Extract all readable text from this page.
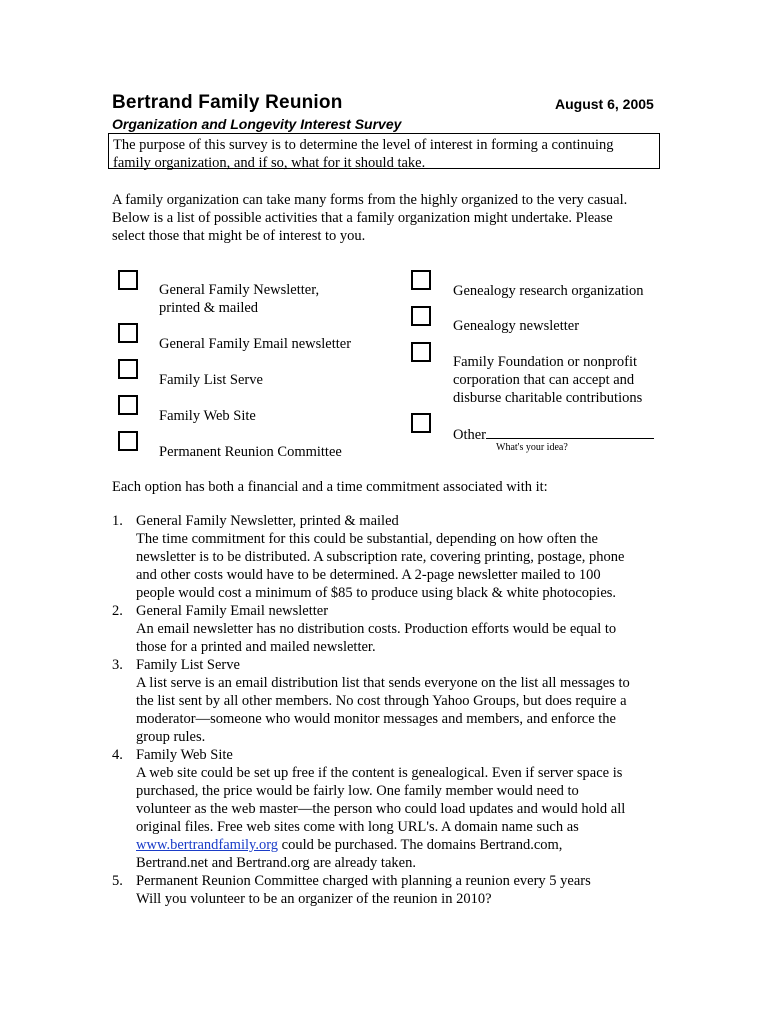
Bertrand Family Reunion	August 6, 2005
Organization and Longevity Interest Survey
The purpose of this survey is to determine the level of interest in forming a continuing
family organization, and if so, what for it should take.
A family organization can take many forms from the highly organized to the very casual.
Below is a list of possible activities that a family organization might undertake. Please
select those that might be of interest to you.
General Family Newsletter,
printed & mailed
General Family Email newsletter
Family List Serve
Family Web Site
Permanent Reunion Committee
Genealogy research organization
Genealogy newsletter
Family Foundation or nonprofit
corporation that can accept and
disburse charitable contributions
Other
What's your idea?
Each option has both a financial and a time commitment associated with it:
1. General Family Newsletter, printed & mailed
The time commitment for this could be substantial, depending on how often the
newsletter is to be distributed. A subscription rate, covering printing, postage, phone
and other costs would have to be determined. A 2-page newsletter mailed to 100
people would cost a minimum of $85 to produce using black & white photocopies.
2. General Family Email newsletter
An email newsletter has no distribution costs. Production efforts would be equal to
those for a printed and mailed newsletter.
3. Family List Serve
A list serve is an email distribution list that sends everyone on the list all messages to
the list sent by all other members. No cost through Yahoo Groups, but does require a
moderator—someone who would monitor messages and members, and enforce the
group rules.
4. Family Web Site
A web site could be set up free if the content is genealogical. Even if server space is
purchased, the price would be fairly low. One family member would need to
volunteer as the web master—the person who could load updates and would hold all
original files. Free web sites come with long URL's. A domain name such as
www.bertrandfamily.org could be purchased. The domains Bertrand.com,
Bertrand.net and Bertrand.org are already taken.
5. Permanent Reunion Committee charged with planning a reunion every 5 years
Will you volunteer to be an organizer of the reunion in 2010?
